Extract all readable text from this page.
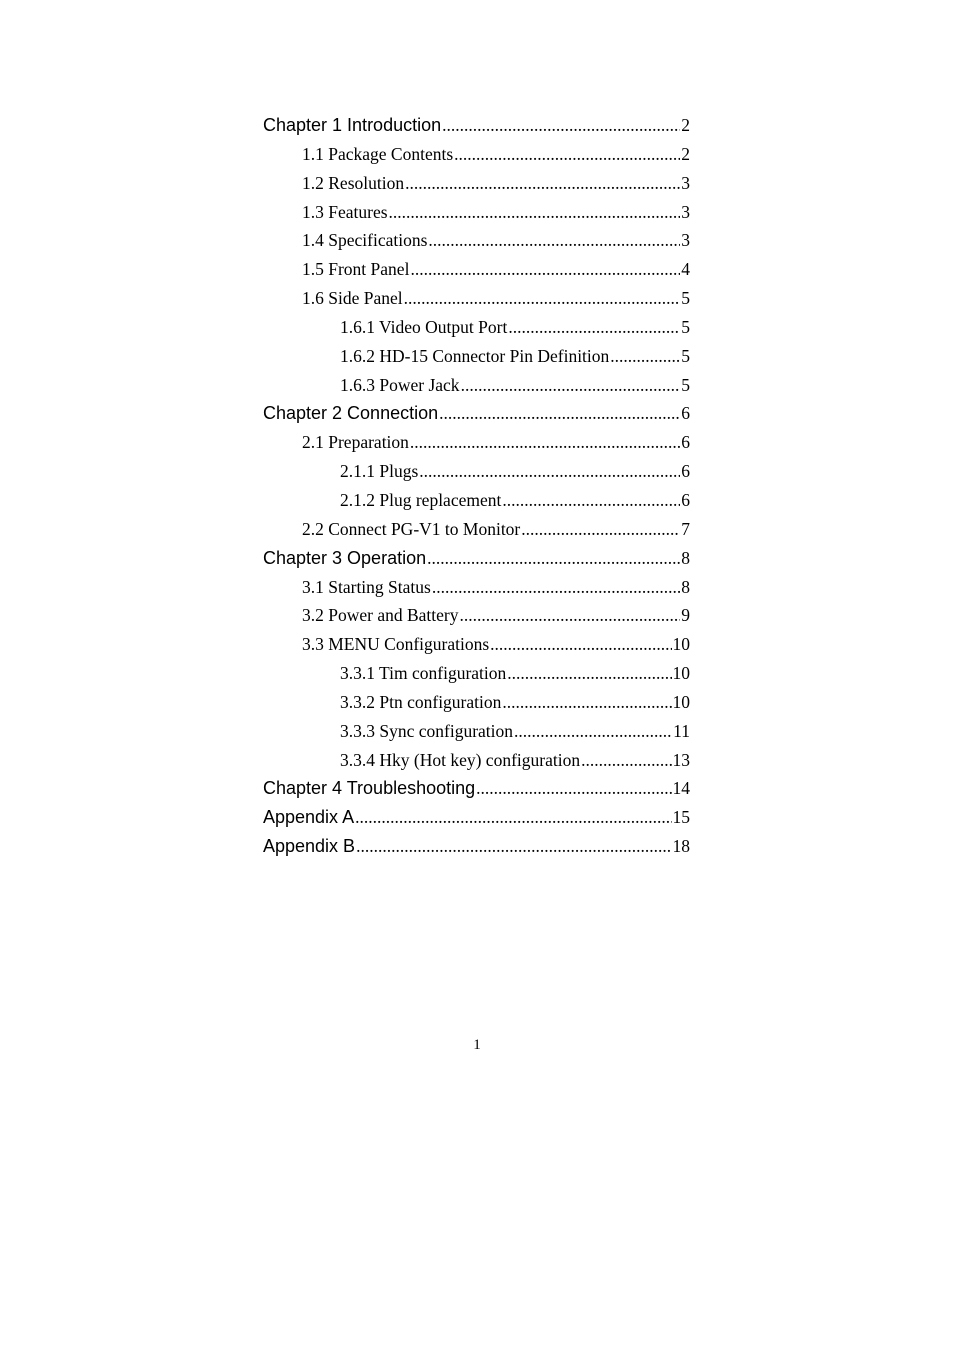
Chapter 1 Introduction .....	2
1.1 Package Contents .....	2
1.2 Resolution .....	3
1.3 Features .....	3
1.4 Specifications .....	3
1.5 Front Panel .....	4
1.6 Side Panel .....	5
1.6.1 Video Output Port .....	5
1.6.2 HD-15 Connector Pin Definition .....	5
1.6.3 Power Jack .....	5
Chapter 2 Connection .....	6
2.1 Preparation .....	6
2.1.1 Plugs .....	6
2.1.2 Plug replacement .....	6
2.2 Connect PG-V1 to Monitor .....	7
Chapter 3 Operation .....	8
3.1 Starting Status .....	8
3.2 Power and Battery .....	9
3.3 MENU Configurations .....	10
3.3.1 Tim configuration .....	10
3.3.2 Ptn configuration .....	10
3.3.3 Sync configuration .....	11
3.3.4 Hky (Hot key) configuration .....	13
Chapter 4 Troubleshooting .....	14
Appendix A .....	15
Appendix B .....	18
1
